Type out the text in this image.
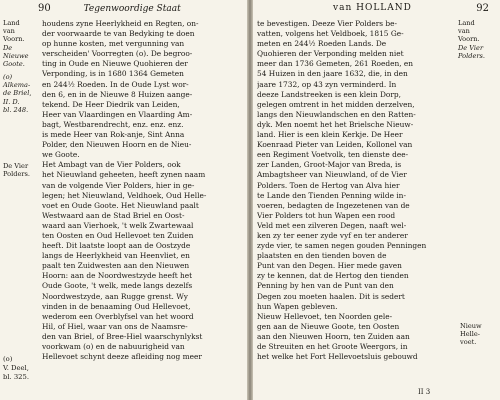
90	Tegenwoordige Staat
Land
van
Voorn.
De
Nieuwe
Goote.
(o)
Alkema-
de Briel,
II. D.
bl. 248.
De Vier
Polders.
(o)
V. Deel,
bl. 325.
houdens zyne Heerlykheid en Regten, on-
der voorwaarde te van Bedyking te doen
op hunne kosten, met vergunning van
verscheiden' Voorregten (o). De begroo-
ting in Oude en Nieuwe Quohieren der
Verponding, is in 1680 1364 Gemeten
en 244½ Roeden. In de Oude Lyst wor-
den 6, en in de Nieuwe 8 Huizen aange-
tekend. De Heer Diedrik van Leiden,
Heer van Vlaardingen en Vlaarding Am-
bagt, Westbarendrecht, enz. enz. enz.
is mede Heer van Rok-anje, Sint Anna
Polder, den Nieuwen Hoorn en de Nieu-
we Goote.
Het Ambagt van de Vier Polders, ook
het Nieuwland geheeten, heeft zynen naam
van de volgende Vier Polders, hier in ge-
legen; het Nieuwland, Veldhoek, Oud Helle-
voet en Oude Goote. Het Nieuwland paalt
Westwaard aan de Stad Briel en Oost-
waard aan Vierhoek, 't welk Zwartewaal
ten Oosten en Oud Hellevoet ten Zuiden
heeft. Dit laatste loopt aan de Oostzyde
langs de Heerlykheid van Heenvliet, en
paalt ten Zuidwesten aan den Nieuwen
Hoorn: aan de Noordwestzyde heeft het
Oude Goote, 't welk, mede langs dezelfs
Noordwestzyde, aan Rugge grenst. Wy
vinden in de benaaming Oud Hellevoet,
wederom een Overblyfsel van het woord
Hil, of Hiel, waar van ons de Naamsre-
den van Briel, of Bree-Hiel waarschynlykst
voorkwam (o) en de nabuurigheid van
Hellevoet schynt deeze afleiding nog meer
van HOLLAND	92
te bevestigen. Deeze Vier Polders be-
vatten, volgens het Veldboek, 1815 Ge-
meten en 244½ Roeden Lands. De
Quohieren der Verponding melden niet
meer dan 1736 Gemeten, 261 Roeden, en
54 Huizen in den jaare 1632, die, in den
jaare 1732, op 43 zyn verminderd. In
deeze Landstreeken is een klein Dorp,
gelegen omtrent in het midden derzelven,
langs den Nieuwlandschen en den Ratten-
dyk. Men noemt het het Brielsche Nieuw-
land. Hier is een klein Kerkje. De Heer
Koenraad Pieter van Leiden, Kollonel van
een Regiment Voetvolk, ten dienste dee-
zer Landen, Groot-Major van Breda, is
Ambagtsheer van Nieuwland, of de Vier
Polders. Toen de Hertog van Alva hier
te Lande den Tienden Penning wilde in-
voeren, bedagten de Ingezetenen van de
Vier Polders tot hun Wapen een rood
Veld met een zilveren Degen, naaft wel-
ken zy ter eener zyde vyf en ter anderer
zyde vier, te samen negen gouden Penningen
plaatsten en den tienden boven de
Punt van den Degen. Hier mede gaven
zy te kennen, dat de Hertog den tienden
Penning by hen van de Punt van den
Degen zou moeten haalen. Dit is sedert
hun Wapen gebleven.
Nieuw Hellevoet, ten Noorden gele-
gen aan de Nieuwe Goote, ten Oosten
aan den Nieuwen Hoorn, ten Zuiden aan
de Streuiten en het Groote Weergors, in
het welke het Fort Hellevoetsluis gebouwd
Land
van
Voorn.
De Vier
Polders.
Nieuw
Helle-
voet.
II 3
